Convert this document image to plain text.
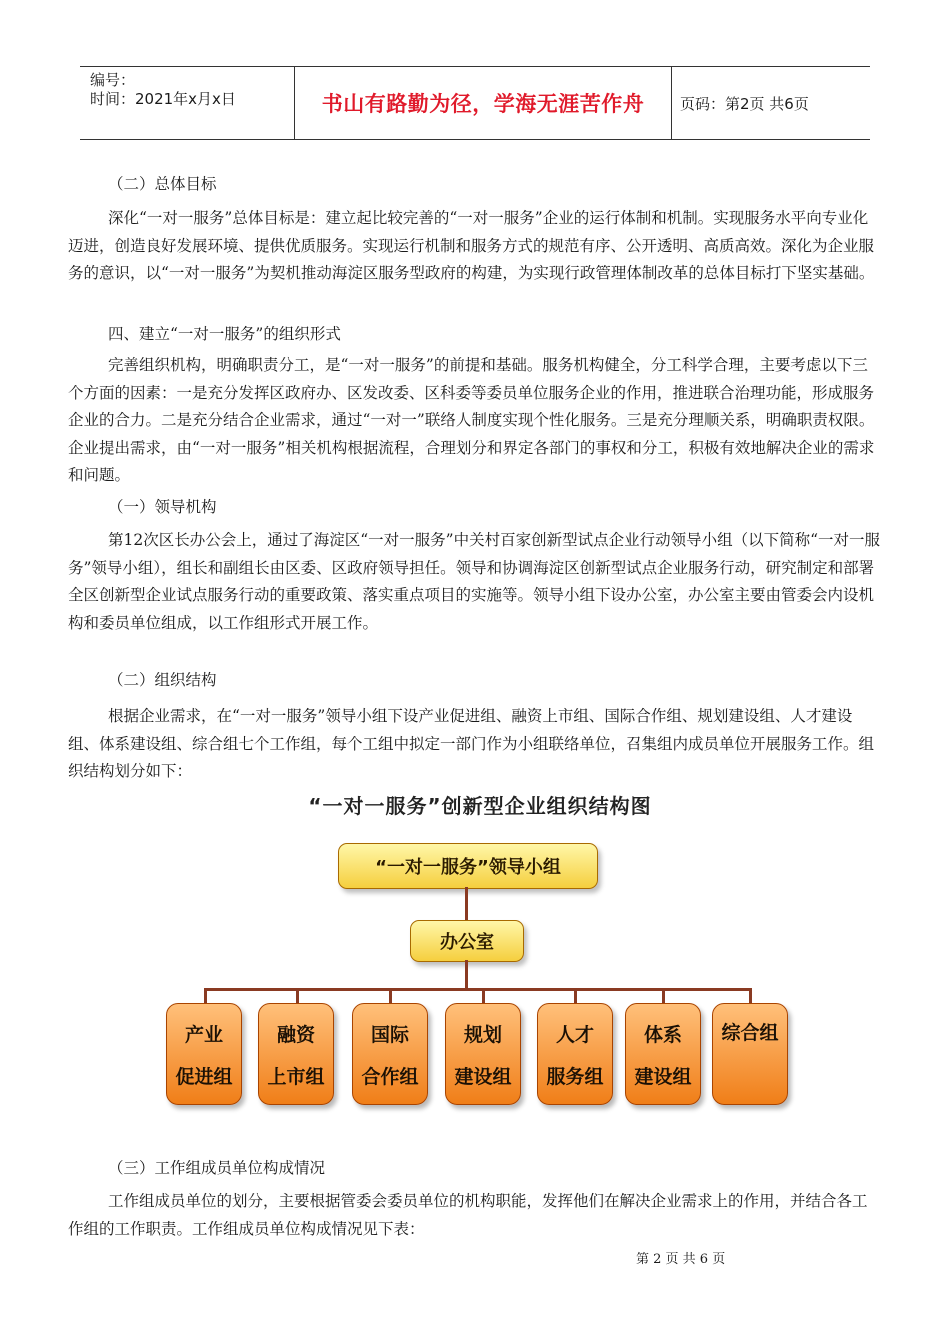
编号：
时间：2021年x月x日	书山有路勤为径，学海无涯苦作舟	页码：第2页 共6页
（二）总体目标

深化“一对一服务”总体目标是：建立起比较完善的“一对一服务”企业的运行体制和机制。实现服务水平向专业化迈进，创造良好发展环境、提供优质服务。实现运行机制和服务方式的规范有序、公开透明、高质高效。深化为企业服务的意识，以“一对一服务”为契机推动海淀区服务型政府的构建，为实现行政管理体制改革的总体目标打下坚实基础。

四、建立“一对一服务”的组织形式

完善组织机构，明确职责分工，是“一对一服务”的前提和基础。服务机构健全，分工科学合理，主要考虑以下三个方面的因素：一是充分发挥区政府办、区发改委、区科委等委员单位服务企业的作用，推进联合治理功能，形成服务企业的合力。二是充分结合企业需求，通过“一对一”联络人制度实现个性化服务。三是充分理顺关系，明确职责权限。企业提出需求，由“一对一服务”相关机构根据流程，合理划分和界定各部门的事权和分工，积极有效地解决企业的需求和问题。

（一）领导机构

第12次区长办公会上，通过了海淀区“一对一服务”中关村百家创新型试点企业行动领导小组（以下简称“一对一服务”领导小组），组长和副组长由区委、区政府领导担任。领导和协调海淀区创新型试点企业服务行动，研究制定和部署全区创新型企业试点服务行动的重要政策、落实重点项目的实施等。领导小组下设办公室，办公室主要由管委会内设机构和委员单位组成，以工作组形式开展工作。

（二）组织结构

根据企业需求，在“一对一服务”领导小组下设产业促进组、融资上市组、国际合作组、规划建设组、人才建设组、体系建设组、综合组七个工作组，每个工组中拟定一部门作为小组联络单位，召集组内成员单位开展服务工作。组织结构划分如下：

“一对一服务”创新型企业组织结构图
“一对一服务”领导小组
办公室
产业
促进组
融资
上市组
国际
合作组
规划
建设组
人才
服务组
体系
建设组
综合组
（三）工作组成员单位构成情况

工作组成员单位的划分，主要根据管委会委员单位的机构职能，发挥他们在解决企业需求上的作用，并结合各工作组的工作职责。工作组成员单位构成情况见下表：

第 2 页 共 6 页
